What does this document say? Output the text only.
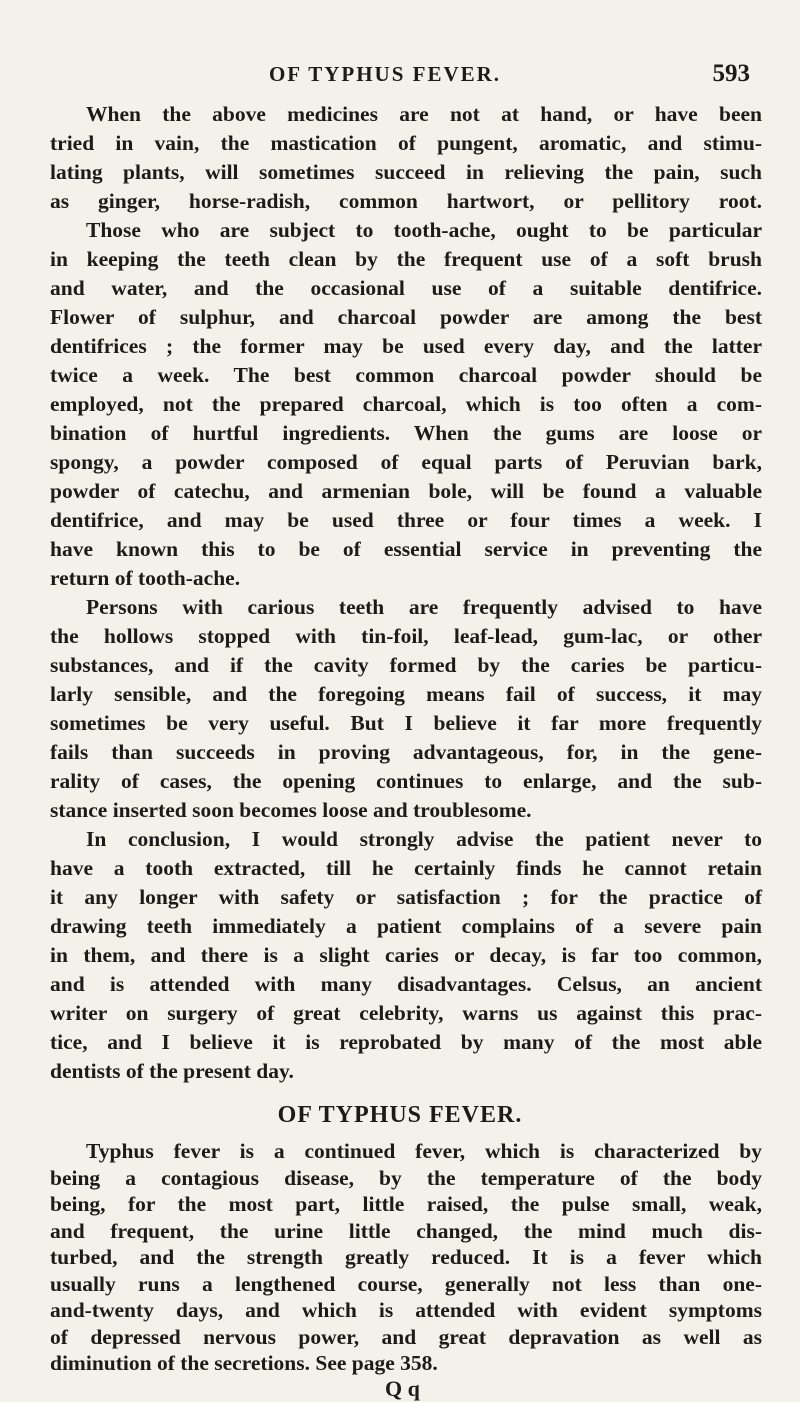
OF TYPHUS FEVER.	593
When the above medicines are not at hand, or have been
tried in vain, the mastication of pungent, aromatic, and stimu-
lating plants, will sometimes succeed in relieving the pain, such
as ginger, horse-radish, common hartwort, or pellitory root.
Those who are subject to tooth-ache, ought to be particular
in keeping the teeth clean by the frequent use of a soft brush
and water, and the occasional use of a suitable dentifrice.
Flower of sulphur, and charcoal powder are among the best
dentifrices ; the former may be used every day, and the latter
twice a week. The best common charcoal powder should be
employed, not the prepared charcoal, which is too often a com-
bination of hurtful ingredients. When the gums are loose or
spongy, a powder composed of equal parts of Peruvian bark,
powder of catechu, and armenian bole, will be found a valuable
dentifrice, and may be used three or four times a week. I
have known this to be of essential service in preventing the
return of tooth-ache.
Persons with carious teeth are frequently advised to have
the hollows stopped with tin-foil, leaf-lead, gum-lac, or other
substances, and if the cavity formed by the caries be particu-
larly sensible, and the foregoing means fail of success, it may
sometimes be very useful. But I believe it far more frequently
fails than succeeds in proving advantageous, for, in the gene-
rality of cases, the opening continues to enlarge, and the sub-
stance inserted soon becomes loose and troublesome.
In conclusion, I would strongly advise the patient never to
have a tooth extracted, till he certainly finds he cannot retain
it any longer with safety or satisfaction ; for the practice of
drawing teeth immediately a patient complains of a severe pain
in them, and there is a slight caries or decay, is far too common,
and is attended with many disadvantages. Celsus, an ancient
writer on surgery of great celebrity, warns us against this prac-
tice, and I believe it is reprobated by many of the most able
dentists of the present day.
OF TYPHUS FEVER.
Typhus fever is a continued fever, which is characterized by
being a contagious disease, by the temperature of the body
being, for the most part, little raised, the pulse small, weak,
and frequent, the urine little changed, the mind much dis-
turbed, and the strength greatly reduced. It is a fever which
usually runs a lengthened course, generally not less than one-
and-twenty days, and which is attended with evident symptoms
of depressed nervous power, and great depravation as well as
diminution of the secretions. See page 358.
Q q
